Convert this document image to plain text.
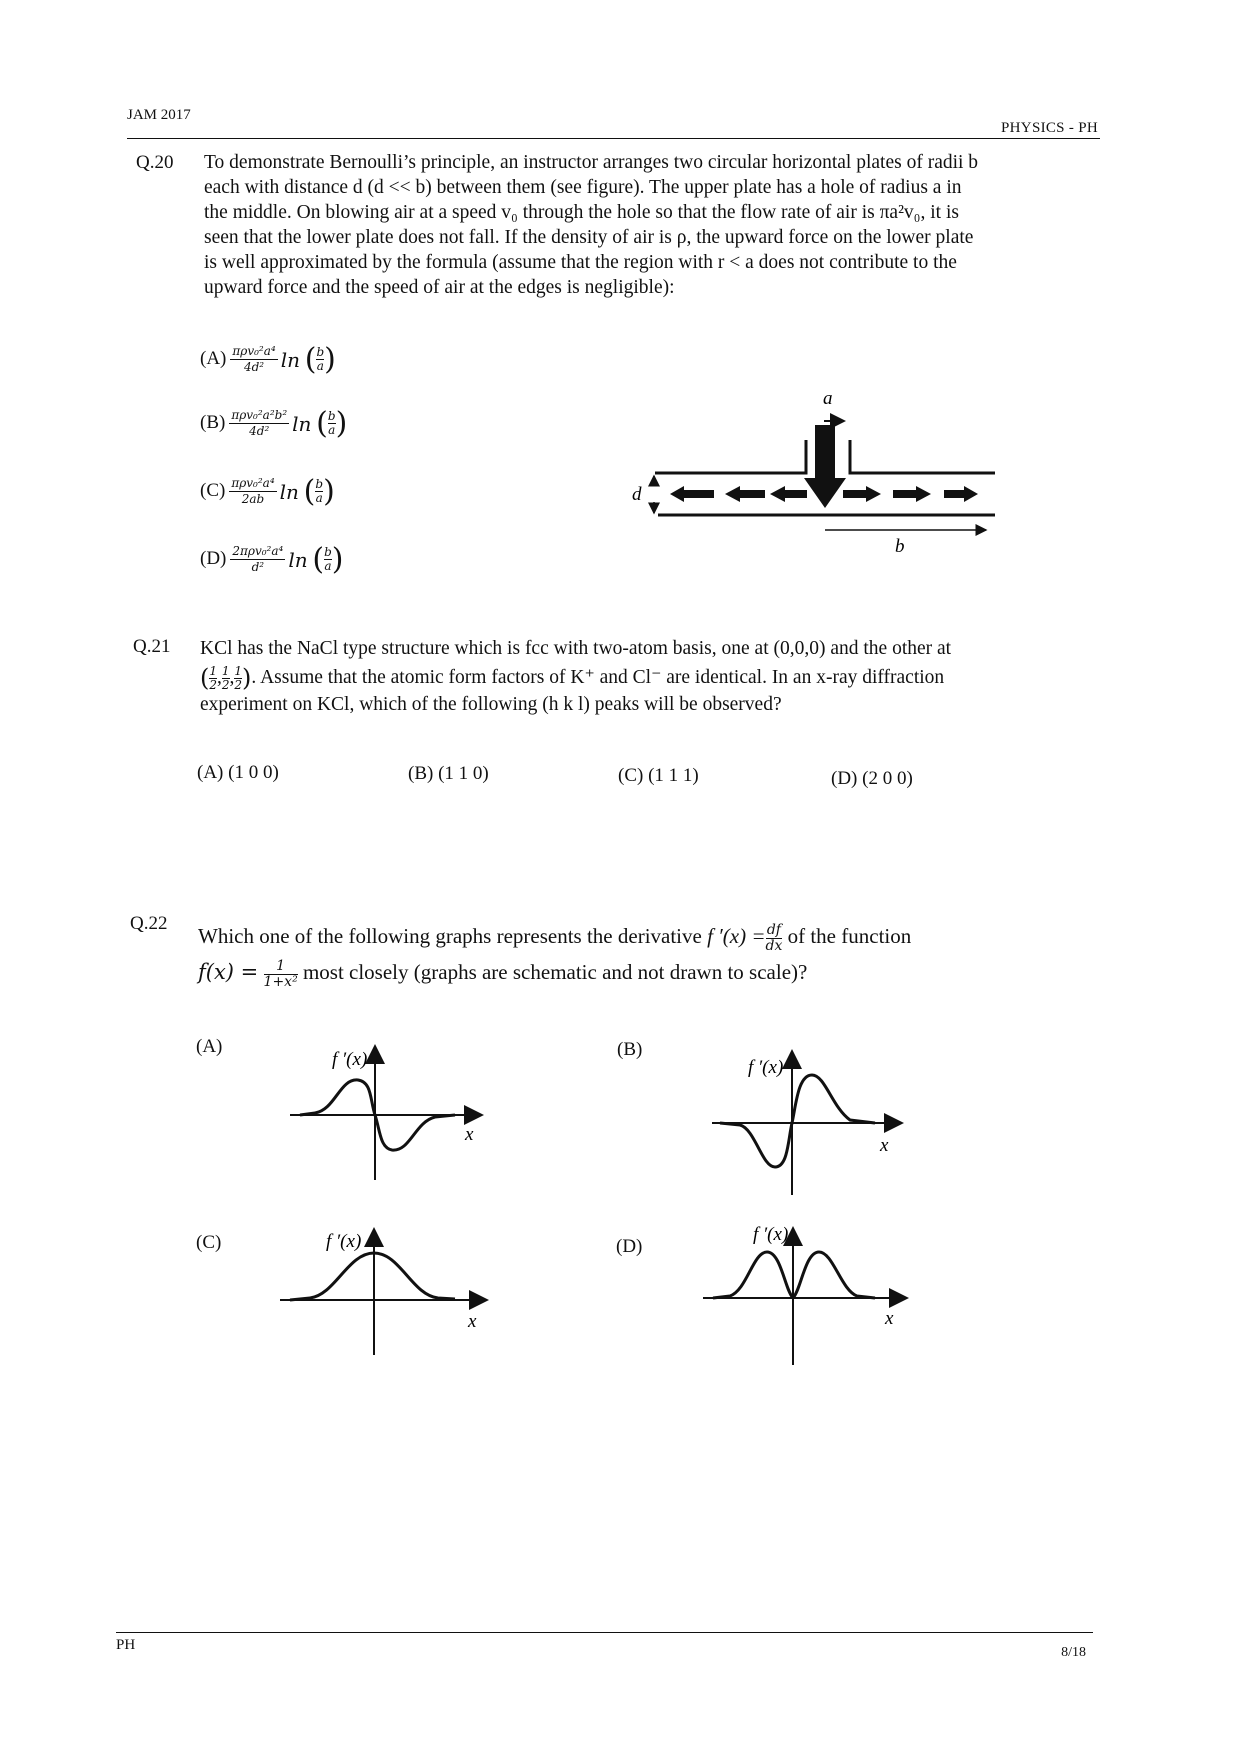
JAM 2017
PHYSICS - PH
Q.20 To demonstrate Bernoulli’s principle, an instructor arranges two circular horizontal plates of radii b
each with distance d (d << b) between them (see figure). The upper plate has a hole of radius a in
the middle. On blowing air at a speed v₀ through the hole so that the flow rate of air is πa²v₀, it is
seen that the lower plate does not fall. If the density of air is ρ, the upward force on the lower plate
is well approximated by the formula (assume that the region with r < a does not contribute to the
upward force and the speed of air at the edges is negligible):
$(A) \frac{\text{πρv₀²a⁴}}{\text{4d²}}$ ln ( $\frac{b}{a}$)
$(B) \frac{\text{πρv₀²a²b²}}{\text{4d²}}$ ln ( $\frac{b}{a}$)
$(C) \frac{\text{πρv₀²a⁴}}{2ab}$ ln ( $\frac{b}{a}$)
$(D) \frac{\text{2πρv₀²a⁴}}{\text{d²}}$ ln ( $\frac{b}{a}$)
a
d
b
Q.21 KCl has the NaCl type structure which is fcc with two-atom basis, one at (0,0,0) and the other at
( $\frac{1}{2}$, $\frac{1}{2}$, $\frac{1}{2}$). Assume that the atomic form factors of K⁺ and Cl⁻ are identical. In an x-ray diffraction
experiment on KCl, which of the following (h k l) peaks will be observed?
(A) (1 0 0)	(B) (1 1 0)	(C) (1 1 1)	(D) (2 0 0)
Q.22
Which one of the following graphs represents the derivative f $'(x) = \frac{df}{dx}$ of the function
$f(x) = \frac{1}{\text{1+x²}}$ most closely (graphs are schematic and not drawn to scale)?
(A)	(B)
(C)	(D)
f ′(x)
x
f ′(x)
x
f ′(x)
x
f ′(x)
x
PH	8/18
